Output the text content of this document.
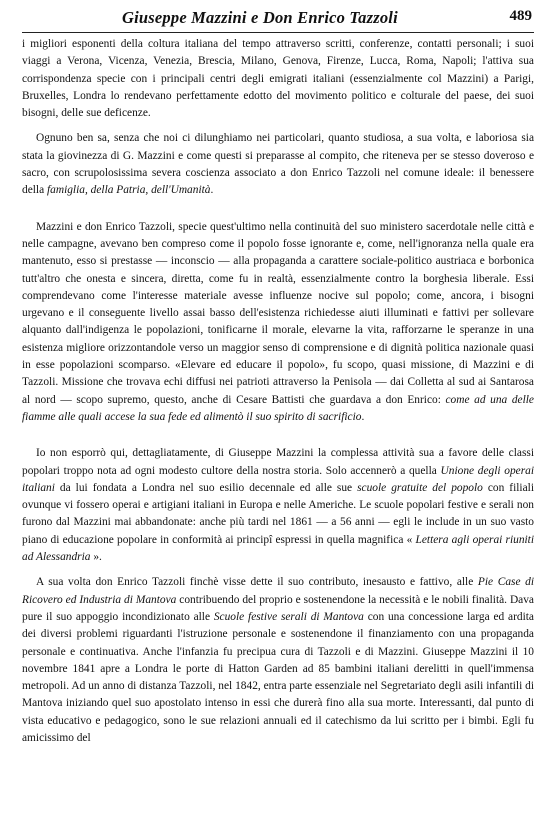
Giuseppe Mazzini e Don Enrico Tazzoli	489

i migliori esponenti della coltura italiana del tempo attraverso scritti, conferenze, contatti personali; i suoi viaggi a Verona, Vicenza, Venezia, Brescia, Milano, Genova, Firenze, Lucca, Roma, Napoli; l'attiva sua corrispondenza specie con i principali centri degli emigrati italiani (essenzialmente col Mazzini) a Parigi, Bruxelles, Londra lo rendevano perfettamente edotto del movimento politico e colturale del paese, dei suoi bisogni, delle sue deficenze.

Ognuno ben sa, senza che noi ci dilunghiamo nei particolari, quanto studiosa, a sua volta, e laboriosa sia stata la giovinezza di G. Mazzini e come questi si preparasse al compito, che riteneva per se stesso doveroso e sacro, con scrupolosissima severa coscienza associato a don Enrico Tazzoli nel comune ideale: il benessere della famiglia, della Patria, dell'Umanità.

Mazzini e don Enrico Tazzoli, specie quest'ultimo nella continuità del suo ministero sacerdotale nelle città e nelle campagne, avevano ben compreso come il popolo fosse ignorante e, come, nell'ignoranza nella quale era mantenuto, esso si prestasse — inconscio — alla propaganda a carattere sociale-politico austriaca e borbonica tutt'altro che onesta e sincera, diretta, come fu in realtà, essenzialmente contro la borghesia liberale. Essi comprendevano come l'interesse materiale avesse influenze nocive sul popolo; come, ancora, i bisogni urgevano e il conseguente livello assai basso dell'esistenza richiedesse aiuti illuminati e fattivi per sollevare alquanto dall'indigenza le popolazioni, tonificarne il morale, elevarne la vita, rafforzarne le speranze in una esistenza migliore orizzontandole verso un maggior senso di comprensione e di dignità politica nazionale quasi in esse popolazioni scomparso. «Elevare ed educare il popolo», fu scopo, quasi missione, di Mazzini e di Tazzoli. Missione che trovava echi diffusi nei patrioti attraverso la Penisola — dai Colletta al sud ai Santarosa al nord — scopo supremo, questo, anche di Cesare Battisti che guardava a don Enrico: come ad una delle fiamme alle quali accese la sua fede ed alimentò il suo spirito di sacrificio.

Io non esporrò qui, dettagliatamente, di Giuseppe Mazzini la complessa attività sua a favore delle classi popolari troppo nota ad ogni modesto cultore della nostra storia. Solo accennerò a quella Unione degli operai italiani da lui fondata a Londra nel suo esilio decennale ed alle sue scuole gratuite del popolo con filiali ovunque vi fossero operai e artigiani italiani in Europa e nelle Americhe. Le scuole popolari festive e serali non furono dal Mazzini mai abbandonate: anche più tardi nel 1861 — a 56 anni — egli le include in un suo vasto piano di educazione popolare in conformità ai principî espressi in quella magnifica « Lettera agli operai riuniti ad Alessandria ».

A sua volta don Enrico Tazzoli finchè visse dette il suo contributo, inesausto e fattivo, alle Pie Case di Ricovero ed Industria di Mantova contribuendo del proprio e sostenendone la necessità e le nobili finalità. Dava pure il suo appoggio incondizionato alle Scuole festive serali di Mantova con una concessione larga ed ardita dei diversi problemi riguardanti l'istruzione personale e sostenendone il finanziamento con una propaganda personale e continuativa. Anche l'infanzia fu precipua cura di Tazzoli e di Mazzini. Giuseppe Mazzini il 10 novembre 1841 apre a Londra le porte di Hatton Garden ad 85 bambini italiani derelitti in quell'immensa metropoli. Ad un anno di distanza Tazzoli, nel 1842, entra parte essenziale nel Segretariato degli asili infantili di Mantova iniziando quel suo apostolato intenso in essi che durerà fino alla sua morte. Interessanti, dal punto di vista educativo e pedagogico, sono le sue relazioni annuali ed il catechismo da lui scritto per i bimbi. Egli fu amicissimo del
